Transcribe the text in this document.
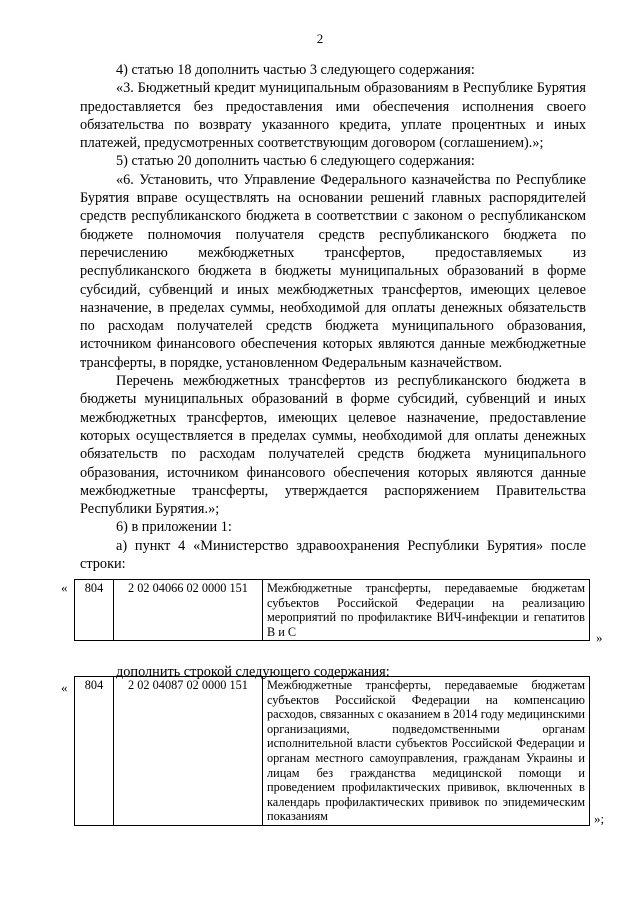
2

4) статью 18 дополнить частью 3 следующего содержания:

«3. Бюджетный кредит муниципальным образованиям в Республике Бурятия предоставляется без предоставления ими обеспечения исполнения своего обязательства по возврату указанного кредита, уплате процентных и иных платежей, предусмотренных соответствующим договором (соглашением).»;

5) статью 20 дополнить частью 6 следующего содержания:

«6. Установить, что Управление Федерального казначейства по Республике Бурятия вправе осуществлять на основании решений главных распорядителей средств республиканского бюджета в соответствии с законом о республиканском бюджете полномочия получателя средств республиканского бюджета по перечислению межбюджетных трансфертов, предоставляемых из республиканского бюджета в бюджеты муниципальных образований в форме субсидий, субвенций и иных межбюджетных трансфертов, имеющих целевое назначение, в пределах суммы, необходимой для оплаты денежных обязательств по расходам получателей средств бюджета муниципального образования, источником финансового обеспечения которых являются данные межбюджетные трансферты, в порядке, установленном Федеральным казначейством.

Перечень межбюджетных трансфертов из республиканского бюджета в бюджеты муниципальных образований в форме субсидий, субвенций и иных межбюджетных трансфертов, имеющих целевое назначение, предоставление которых осуществляется в пределах суммы, необходимой для оплаты денежных обязательств по расходам получателей средств бюджета муниципального образования, источником финансового обеспечения которых являются данные межбюджетные трансферты, утверждается распоряжением Правительства Республики Бурятия.»;

6) в приложении 1:

а) пункт 4 «Министерство здравоохранения Республики Бурятия» после строки:

« 804	2 02 04066 02 0000 151	Межбюджетные трансферты, передаваемые бюджетам субъектов Российской Федерации на реализацию мероприятий по профилактике ВИЧ-инфекции и гепатитов B и C	»
дополнить строкой следующего содержания:
« 804	2 02 04087 02 0000 151	Межбюджетные трансферты, передаваемые бюджетам субъектов Российской Федерации на компенсацию расходов, связанных с оказанием в 2014 году медицинскими организациями, подведомственными органам исполнительной власти субъектов Российской Федерации и органам местного самоуправления, гражданам Украины и лицам без гражданства медицинской помощи и проведением профилактических прививок, включенных в календарь профилактических прививок по эпидемическим показаниям	»;
